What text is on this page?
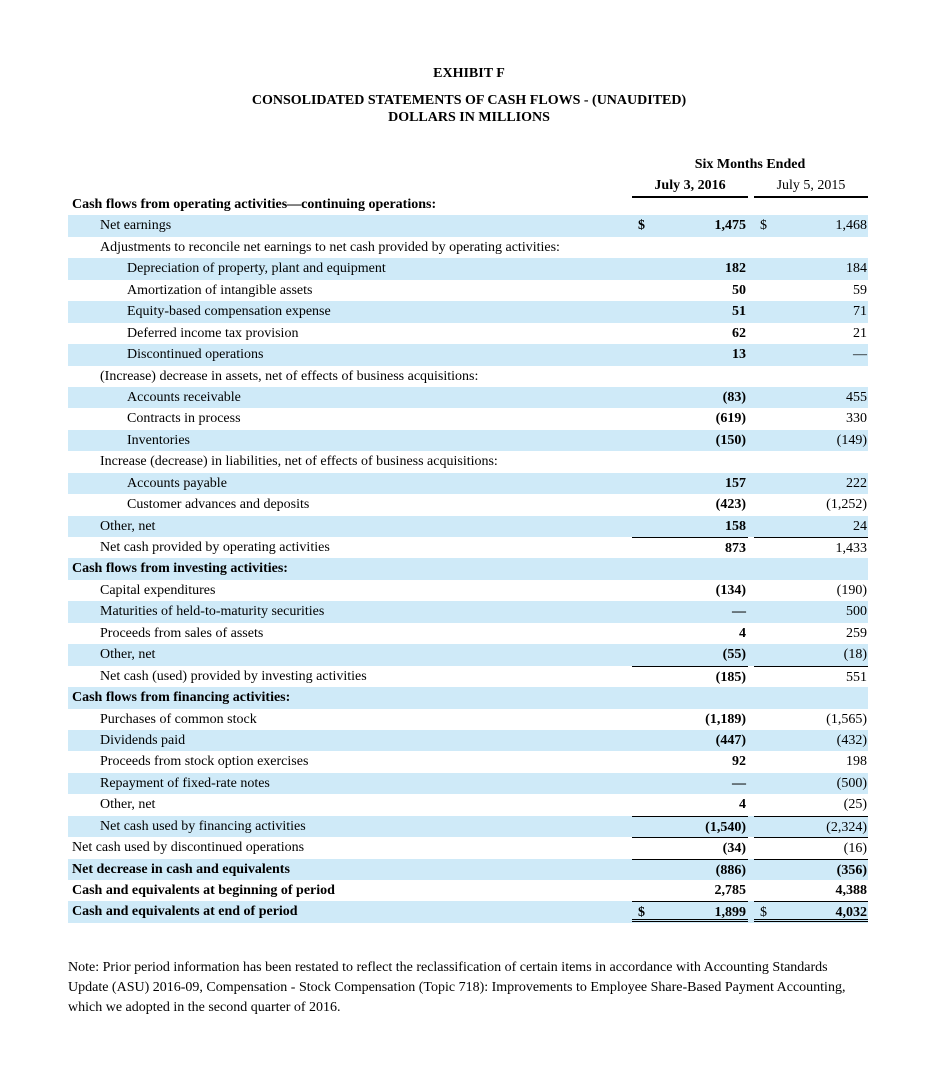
EXHIBIT F
CONSOLIDATED STATEMENTS OF CASH FLOWS - (UNAUDITED)
DOLLARS IN MILLIONS
Six Months Ended
July 3, 2016	July 5, 2015
Cash flows from operating activities—continuing operations:
Net earnings	$	1,475 $	1,468
Adjustments to reconcile net earnings to net cash provided by operating activities:
Depreciation of property, plant and equipment	182	184
Amortization of intangible assets	50	59
Equity-based compensation expense	51	71
Deferred income tax provision	62	21
Discontinued operations	13	—
(Increase) decrease in assets, net of effects of business acquisitions:
Accounts receivable	(83)	455
Contracts in process	(619)	330
Inventories	(150)	(149)
Increase (decrease) in liabilities, net of effects of business acquisitions:
Accounts payable	157	222
Customer advances and deposits	(423)	(1,252)
Other, net	158	24
Net cash provided by operating activities	873	1,433
Cash flows from investing activities:
Capital expenditures	(134)	(190)
Maturities of held-to-maturity securities	—	500
Proceeds from sales of assets	4	259
Other, net	(55)	(18)
Net cash (used) provided by investing activities	(185)	551
Cash flows from financing activities:
Purchases of common stock	(1,189)	(1,565)
Dividends paid	(447)	(432)
Proceeds from stock option exercises	92	198
Repayment of fixed-rate notes	—	(500)
Other, net	4	(25)
Net cash used by financing activities	(1,540)	(2,324)
Net cash used by discontinued operations	(34)	(16)
Net decrease in cash and equivalents	(886)	(356)
Cash and equivalents at beginning of period	2,785	4,388
Cash and equivalents at end of period	$	1,899 $	4,032
Note: Prior period information has been restated to reflect the reclassification of certain items in accordance with Accounting Standards Update (ASU) 2016-09, Compensation - Stock Compensation (Topic 718): Improvements to Employee Share-Based Payment Accounting, which we adopted in the second quarter of 2016.
